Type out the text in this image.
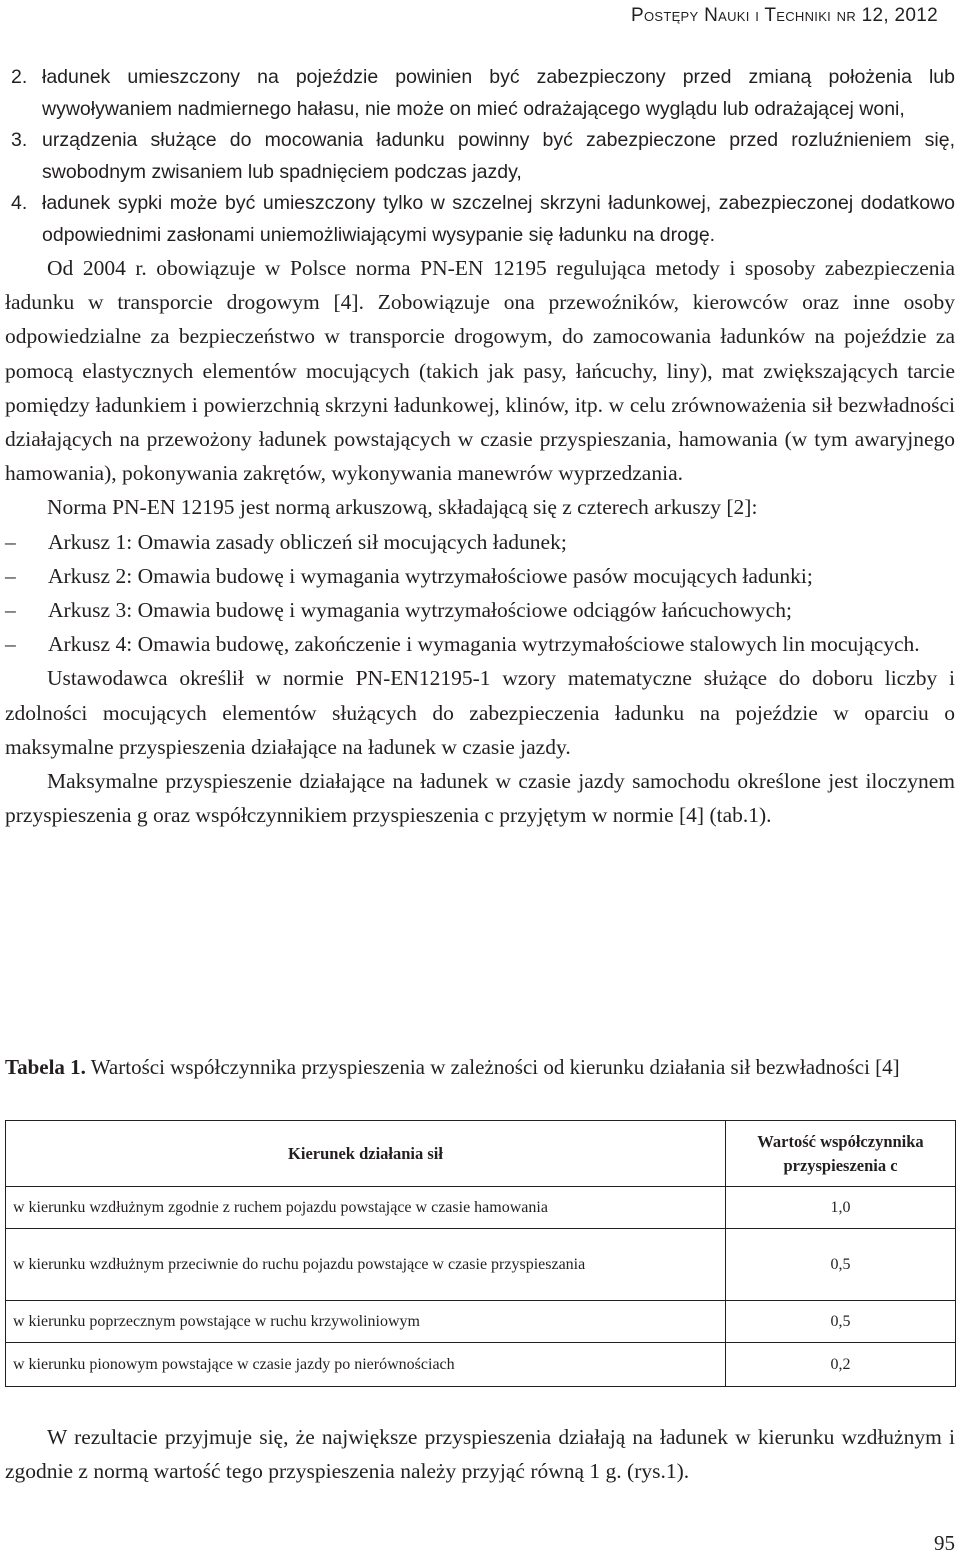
Postępy Nauki i Techniki nr 12, 2012
2. ładunek umieszczony na pojeździe powinien być zabezpieczony przed zmianą położenia lub wywoływaniem nadmiernego hałasu, nie może on mieć odrażającego wyglądu lub odrażającej woni,
3. urządzenia służące do mocowania ładunku powinny być zabezpieczone przed rozluźnieniem się, swobodnym zwisaniem lub spadnięciem podczas jazdy,
4. ładunek sypki może być umieszczony tylko w szczelnej skrzyni ładunkowej, zabezpieczonej dodatkowo odpowiednimi zasłonami uniemożliwiającymi wysypanie się ładunku na drogę.

Od 2004 r. obowiązuje w Polsce norma PN-EN 12195 regulująca metody i sposoby zabezpieczenia ładunku w transporcie drogowym [4]. Zobowiązuje ona przewoźników, kierowców oraz inne osoby odpowiedzialne za bezpieczeństwo w transporcie drogowym, do zamocowania ładunków na pojeździe za pomocą elastycznych elementów mocujących (takich jak pasy, łańcuchy, liny), mat zwiększających tarcie pomiędzy ładunkiem i powierzchnią skrzyni ładunkowej, klinów, itp. w celu zrównoważenia sił bezwładności działających na przewożony ładunek powstających w czasie przyspieszania, hamowania (w tym awaryjnego hamowania), pokonywania zakrętów, wykonywania manewrów wyprzedzania.

Norma PN-EN 12195 jest normą arkuszową, składającą się z czterech arkuszy [2]:

–	Arkusz 1: Omawia zasady obliczeń sił mocujących ładunek;
–	Arkusz 2: Omawia budowę i wymagania wytrzymałościowe pasów mocujących ładunki;
–	Arkusz 3: Omawia budowę i wymagania wytrzymałościowe odciągów łańcuchowych;
–	Arkusz 4: Omawia budowę, zakończenie i wymagania wytrzymałościowe stalowych lin mocujących.

Ustawodawca określił w normie PN-EN12195-1 wzory matematyczne służące do doboru liczby i zdolności mocujących elementów służących do zabezpieczenia ładunku na pojeździe w oparciu o maksymalne przyspieszenia działające na ładunek w czasie jazdy.

Maksymalne przyspieszenie działające na ładunek w czasie jazdy samochodu określone jest iloczynem przyspieszenia g oraz współczynnikiem przyspieszenia c przyjętym w normie [4] (tab.1).

Tabela 1. Wartości współczynnika przyspieszenia w zależności od kierunku działania sił bezwładności [4]
Kierunek działania sił	Wartość współczynnika przyspieszenia c
w kierunku wzdłużnym zgodnie z ruchem pojazdu powstające w czasie hamowania	1,0
w kierunku wzdłużnym przeciwnie do ruchu pojazdu powstające w czasie przyspieszania	0,5
w kierunku poprzecznym powstające w ruchu krzywoliniowym	0,5
w kierunku pionowym powstające w czasie jazdy po nierównościach	0,2

W rezultacie przyjmuje się, że największe przyspieszenia działają na ładunek w kierunku wzdłużnym i zgodnie z normą wartość tego przyspieszenia należy przyjąć równą 1 g. (rys.1).

95
